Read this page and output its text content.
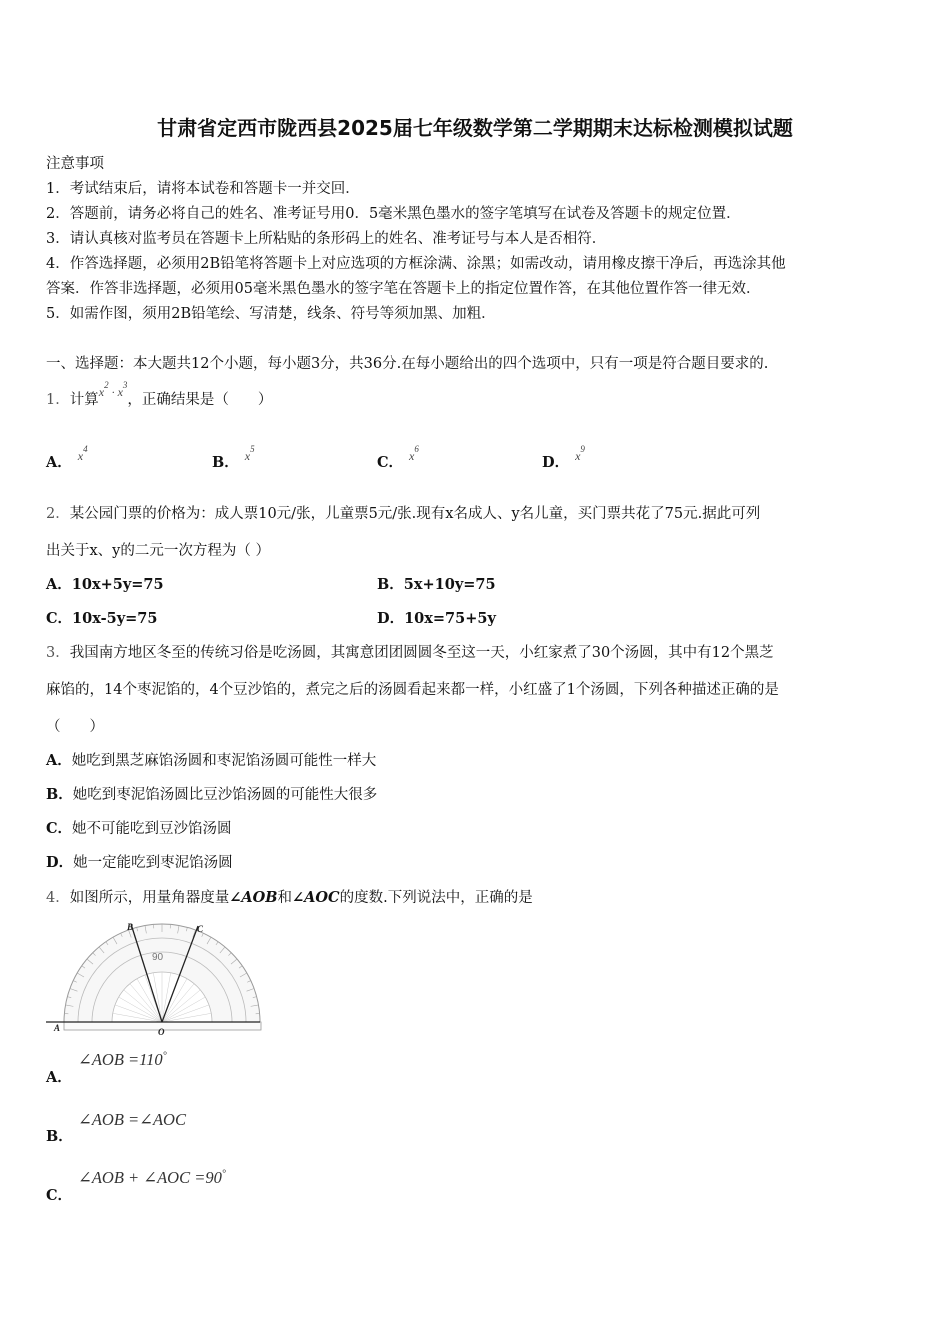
甘肃省定西市陇西县2025届七年级数学第二学期期末达标检测模拟试题
注意事项
1．考试结束后，请将本试卷和答题卡一并交回．
2．答题前，请务必将自己的姓名、准考证号用0．5毫米黑色墨水的签字笔填写在试卷及答题卡的规定位置．
3．请认真核对监考员在答题卡上所粘贴的条形码上的姓名、准考证号与本人是否相符．
4．作答选择题，必须用2B铅笔将答题卡上对应选项的方框涂满、涂黑；如需改动，请用橡皮擦干净后，再选涂其他
答案．作答非选择题，必须用05毫米黑色墨水的签字笔在答题卡上的指定位置作答，在其他位置作答一律无效．
5．如需作图，须用2B铅笔绘、写清楚，线条、符号等须加黑、加粗．
一、选择题：本大题共12个小题，每小题3分，共36分.在每小题给出的四个选项中，只有一项是符合题目要求的.
1．计算$^{x^2 \cdot x^3}$，正确结果是（　　）
A． $^{x^4}$
B． $^{x^5}$
C． $^{x^6}$
D． $^{x^9}$
2．某公园门票的价格为：成人票10元/张，儿童票5元/张.现有x名成人、y名儿童，买门票共花了75元.据此可列
出关于x、y的二元一次方程为（ ）
A．10x+5y=75	B．5x+10y=75
C．10x-5y=75	D．10x=75+5y
3．我国南方地区冬至的传统习俗是吃汤圆，其寓意团团圆圆冬至这一天，小红家煮了30个汤圆，其中有12个黑芝
麻馅的，14个枣泥馅的，4个豆沙馅的，煮完之后的汤圆看起来都一样，小红盛了1个汤圆，下列各种描述正确的是
（　　）
A．她吃到黑芝麻馅汤圆和枣泥馅汤圆可能性一样大
B．她吃到枣泥馅汤圆比豆沙馅汤圆的可能性大很多
C．她不可能吃到豆沙馅汤圆
D．她一定能吃到枣泥馅汤圆
4．如图所示，用量角器度量∠AOB和∠AOC的度数.下列说法中，正确的是
90
A	O
B	C
A．
∠AOB =110°
B．
∠AOB =∠AOC
C．
∠AOB + ∠AOC =90°
